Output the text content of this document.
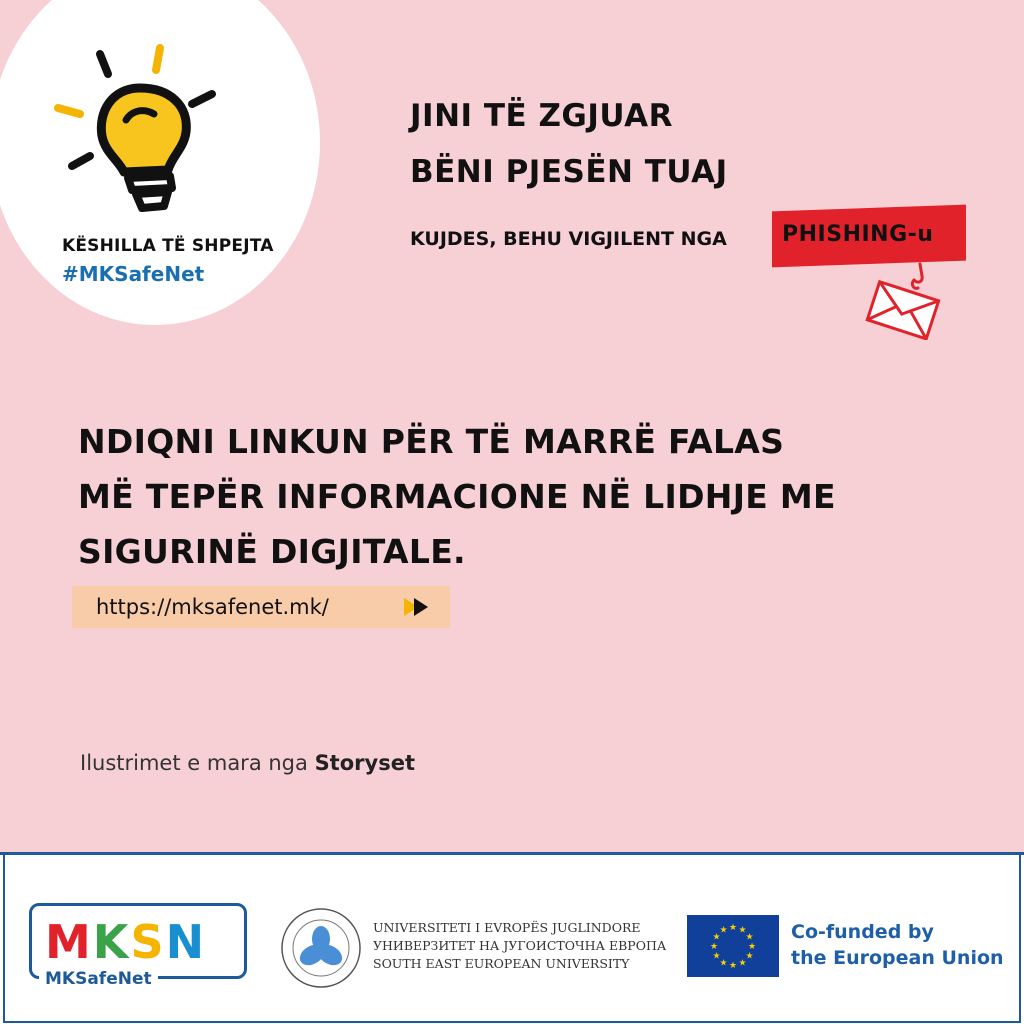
KËSHILLA TË SHPEJTA
#MKSafeNet
JINI TË ZGJUAR
BËNI PJESËN TUAJ
KUJDES, BEHU VIGJILENT NGA	PHISHING-u
NDIQNI LINKUN PËR TË MARRË FALAS
MË TEPËR INFORMACIONE NË LIDHJE ME
SIGURINË DIGJITALE.
https://mksafenet.mk/
Ilustrimet e mara nga Storyset
MKSN
MKSafeNet
UNIVERSITETI I EVROPËS JUGLINDORE
УНИВЕРЗИТЕТ НА ЈУГОИСТОЧНА ЕВРОПА
SOUTH EAST EUROPEAN UNIVERSITY
★ ★
★
★
★
★
★
★
★
★
★
★	Co-funded by
the European Union
